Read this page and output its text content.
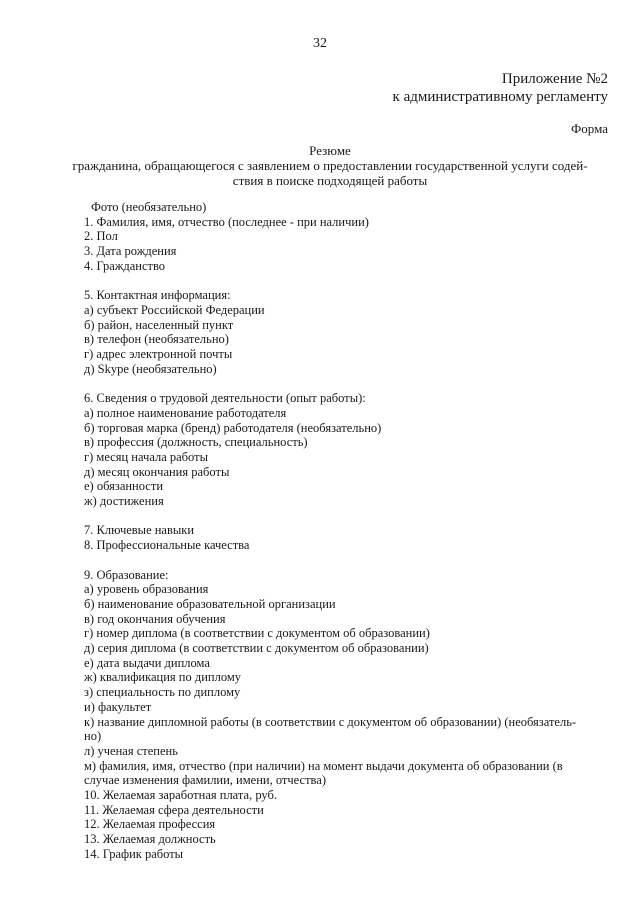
32
Приложение №2
к административному регламенту
Форма
Резюме
гражданина, обращающегося с заявлением о предоставлении государственной услуги содей-
ствия в поиске подходящей работы
Фото (необязательно)
1. Фамилия, имя, отчество (последнее - при наличии)
2. Пол
3. Дата рождения
4. Гражданство
5. Контактная информация:
а) субъект Российской Федерации
б) район, населенный пункт
в) телефон (необязательно)
г) адрес электронной почты
д) Skype (необязательно)
6. Сведения о трудовой деятельности (опыт работы):
а) полное наименование работодателя
б) торговая марка (бренд) работодателя (необязательно)
в) профессия (должность, специальность)
г) месяц начала работы
д) месяц окончания работы
е) обязанности
ж) достижения
7. Ключевые навыки
8. Профессиональные качества
9. Образование:
а) уровень образования
б) наименование образовательной организации
в) год окончания обучения
г) номер диплома (в соответствии с документом об образовании)
д) серия диплома (в соответствии с документом об образовании)
е) дата выдачи диплома
ж) квалификация по диплому
з) специальность по диплому
и) факультет
к) название дипломной работы (в соответствии с документом об образовании) (необязатель-
но)
л) ученая степень
м) фамилия, имя, отчество (при наличии) на момент выдачи документа об образовании (в
случае изменения фамилии, имени, отчества)
10. Желаемая заработная плата, руб.
11. Желаемая сфера деятельности
12. Желаемая профессия
13. Желаемая должность
14. График работы
